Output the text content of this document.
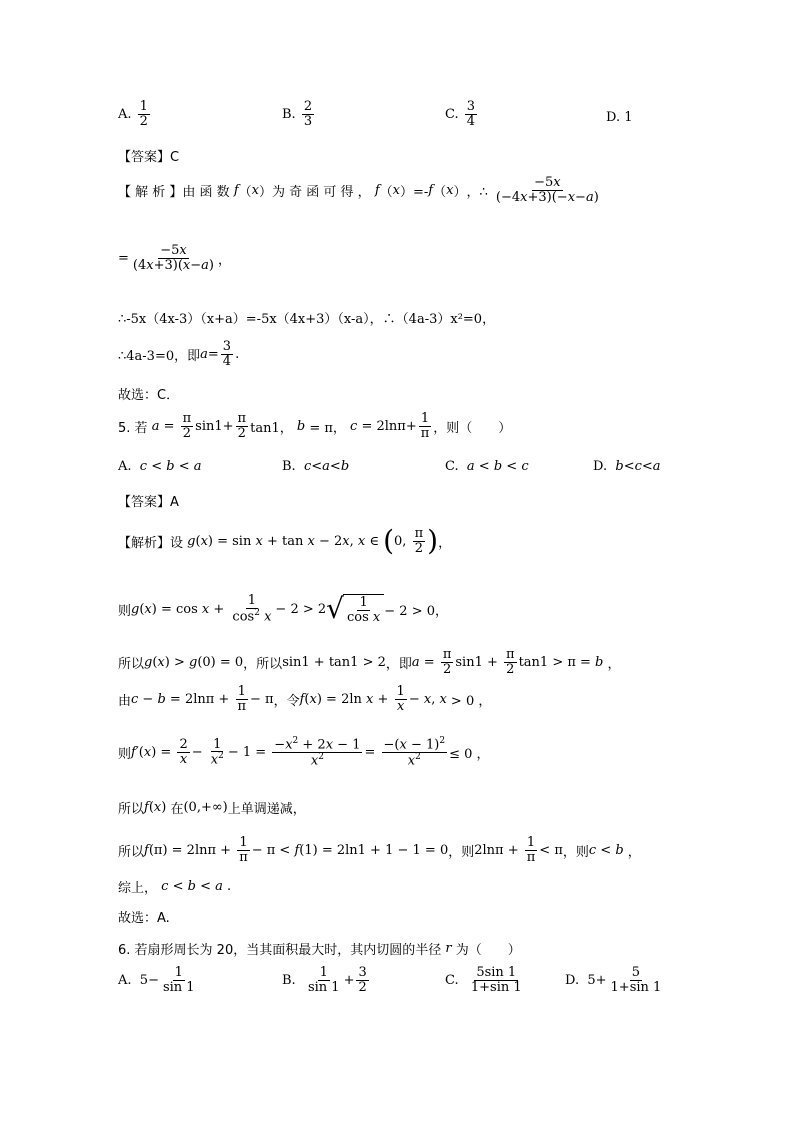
A.
$\frac{1}{2}$	B.
$\frac{2}{3}$	C.
$\frac{3}{4}$	D. 1
【答案】C
【 解 析 】由 函 数
f （ x ） 为 奇 函 可 得 ，
f （ x ）=- f （ x ） ，∴
$\frac{-5x}{(-4x+3)(-x-a)}$
= $\frac{-5x}{(4x+3)(x-a)}$ ，
∴-5x（4x-3）（x+a）=-5x（4x+3）（x-a），∴（4a-3）x²=0，
∴4a-3=0，即 $a= \frac{3}{4}$ .
故选：C．
5. 若
$a = \frac{\pi}{2} \sin 1+ \frac{\pi}{2} \tan 1$， b = π， $c = 2\ln\pi+ \frac{1}{\pi}$ ，则（　　）
A.
c < b < a	B.
c < a < b	C.
a < b < c	D.
b < c < a
【答案】A
【解析】设
g ( x ) = sin x + tan x − 2 x , x ∈ ( 0, $\frac{\pi}{2}$ ) ，
则 g ( x ) = $\cos x + \frac{1}{\cos^2 x} - 2 > 2$ √ $\frac{1}{\text{cos x}} - 2 > 0$，
所以 g ( x ) > g (0) = 0 ，所以 sin1 + tan1 > 2 ，即 $a = \frac{\pi}{2} \sin 1 + \frac{\pi}{2} \tan 1 > \pi = b$ ，
由 $c - b = 2\ln\pi + \frac{1}{\pi} - \pi$ ，令 f ( x ) = 2ln $x + \frac{1}{x} - x$ , x > 0 ，
则 f ′( x ) = $\frac{2}{x} - \frac{1}{x^2} - 1 = \frac{-x^2 + 2x - 1}{x^2} = \frac{-(x - 1)^2}{x^2} \le 0$ ，
所以 f ( x ) 在 (0,+∞) 上单调递减，
所以 f $(\pi) = 2\ln\pi + \frac{1}{\pi} - \pi < f$ (1) = 2ln1 + 1 − 1 = 0 ，则 $2\ln\pi + \frac{1}{\pi} < \pi$ ，则 c < b ，
综上，
c < b < a .
故选：A.
6. 若扇形周长为 20，当其面积最大时，其内切圆的半径
r
为（　　）
A. $5- \frac{1}{\sin 1}$	B.
$\frac{1}{\sin 1} + \frac{3}{2}$	C.
$\frac{5\sin 1}{1+\sin 1}$	D. $5+ \frac{5}{1+\sin 1}$
